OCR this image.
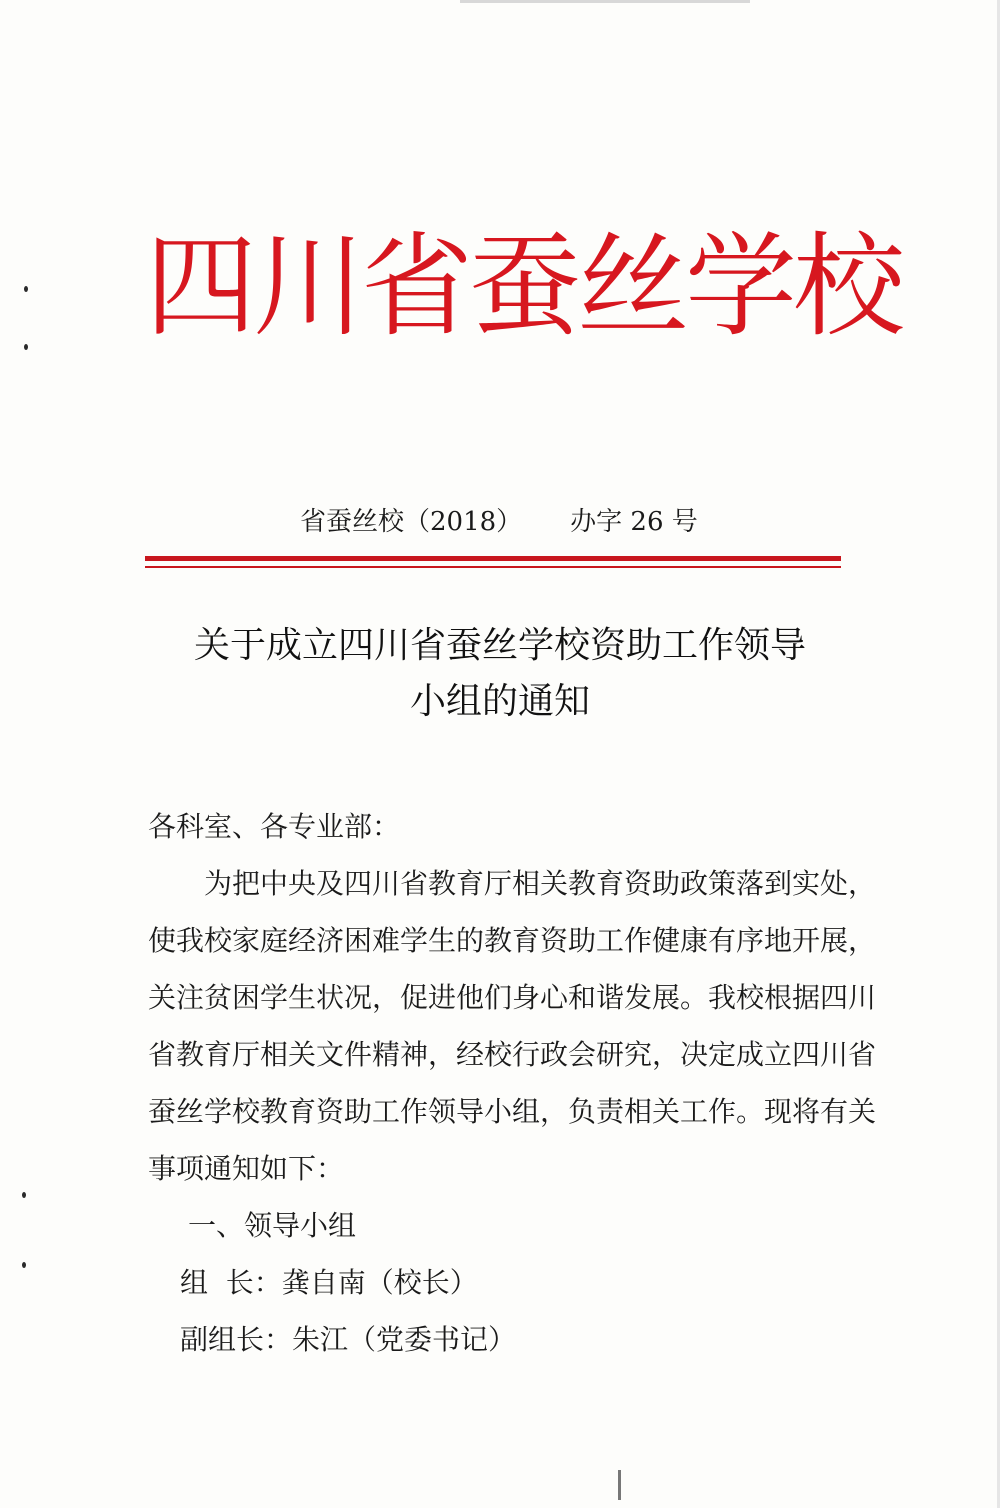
四川省蚕丝学校
省蚕丝校（2018） 办字 26 号
关于成立四川省蚕丝学校资助工作领导
小组的通知

各科室、各专业部：

为把中央及四川省教育厅相关教育资助政策落到实处，
使我校家庭经济困难学生的教育资助工作健康有序地开展，
关注贫困学生状况，促进他们身心和谐发展。我校根据四川
省教育厅相关文件精神，经校行政会研究，决定成立四川省
蚕丝学校教育资助工作领导小组，负责相关工作。现将有关
事项通知如下：

一、领导小组

组  长：龚自南（校长）

副组长：朱江（党委书记）
